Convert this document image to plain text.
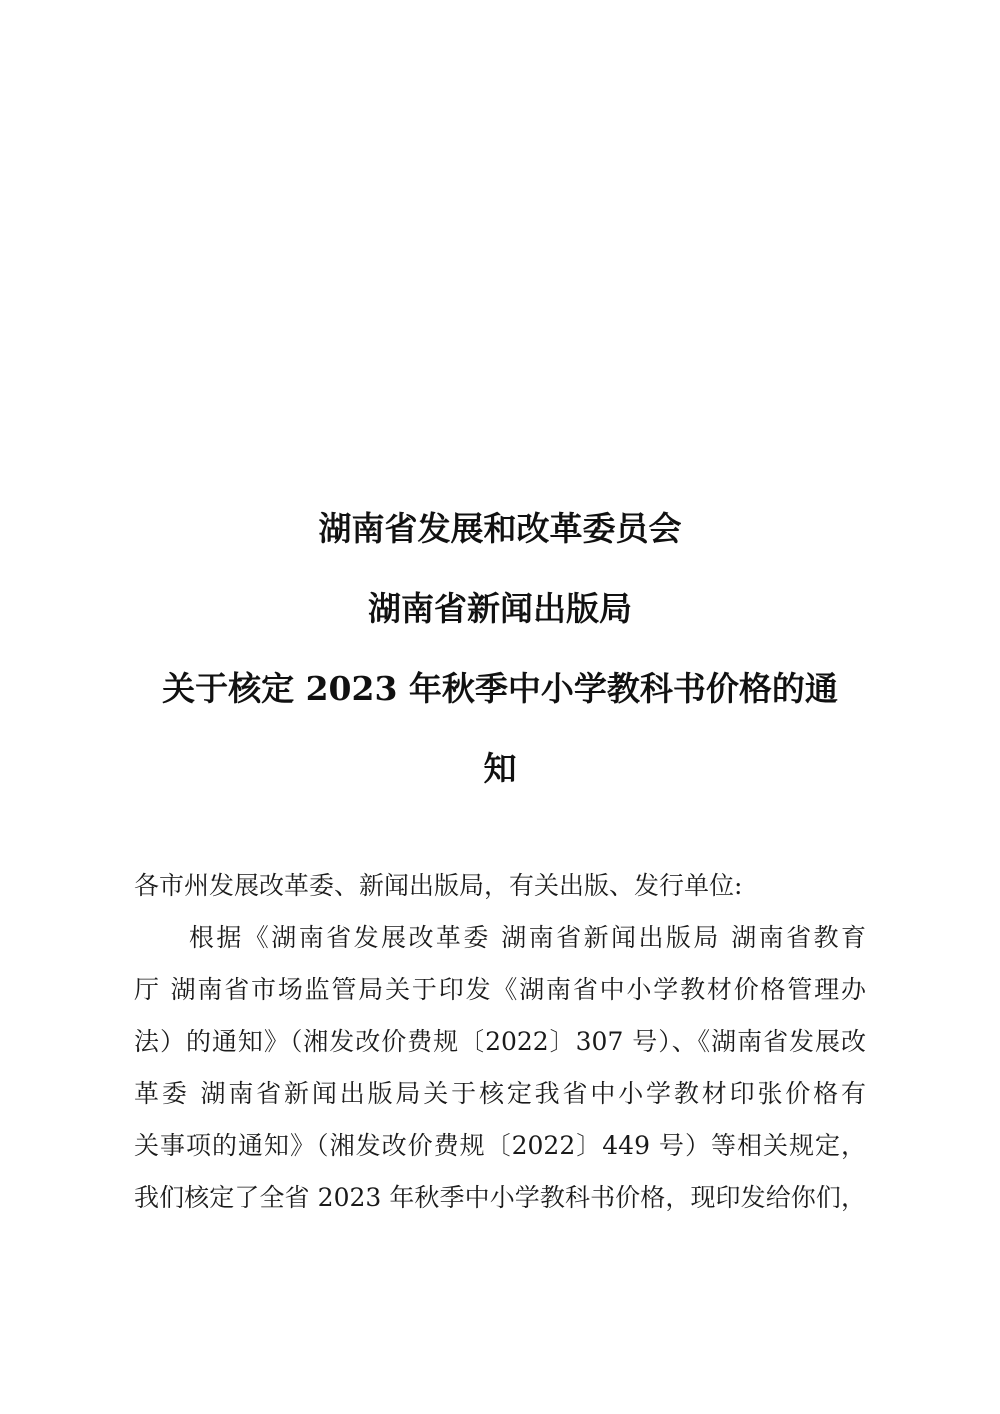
湖南省发展和改革委员会
湖南省新闻出版局
关于核定 2023 年秋季中小学教科书价格的通
知
各市州发展改革委、新闻出版局，有关出版、发行单位:
　　根据《湖南省发展改革委 湖南省新闻出版局 湖南省教育
厅 湖南省市场监管局关于印发《湖南省中小学教材价格管理办
法）的通知》（湘发改价费规〔2022〕307 号）、《湖南省发展改
革委 湖南省新闻出版局关于核定我省中小学教材印张价格有
关事项的通知》（湘发改价费规〔2022〕449 号）等相关规定，
我们核定了全省 2023 年秋季中小学教科书价格，现印发给你们，
